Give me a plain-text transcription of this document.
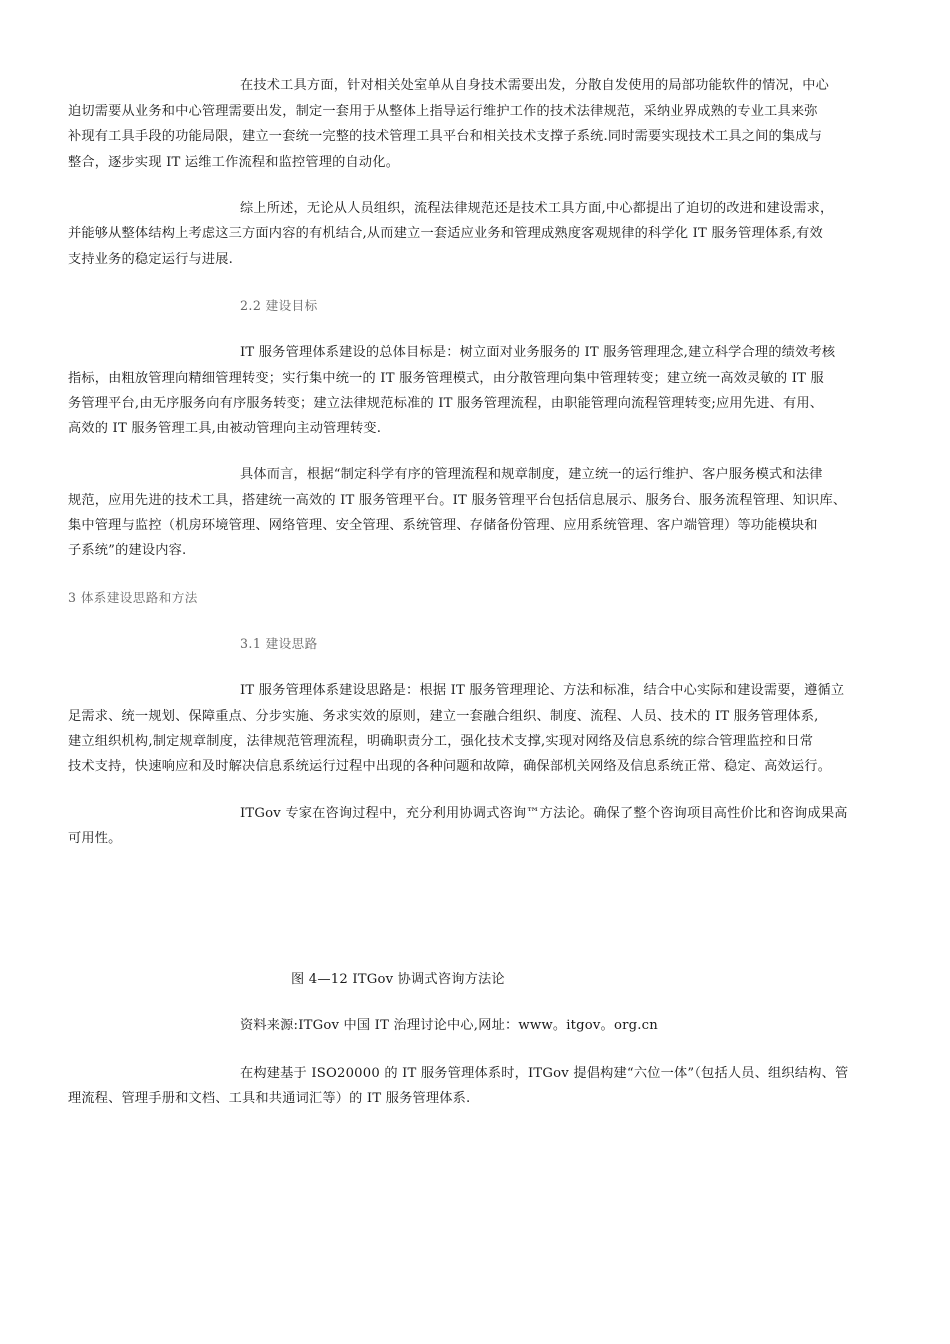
在技术工具方面，针对相关处室单从自身技术需要出发，分散自发使用的局部功能软件的情况，中心
迫切需要从业务和中心管理需要出发，制定一套用于从整体上指导运行维护工作的技术法律规范，采纳业界成熟的专业工具来弥
补现有工具手段的功能局限，建立一套统一完整的技术管理工具平台和相关技术支撑子系统.同时需要实现技术工具之间的集成与
整合，逐步实现 IT 运维工作流程和监控管理的自动化。
综上所述，无论从人员组织，流程法律规范还是技术工具方面,中心都提出了迫切的改进和建设需求，
并能够从整体结构上考虑这三方面内容的有机结合,从而建立一套适应业务和管理成熟度客观规律的科学化 IT 服务管理体系,有效
支持业务的稳定运行与进展.
2.2 建设目标
IT 服务管理体系建设的总体目标是：树立面对业务服务的 IT 服务管理理念,建立科学合理的绩效考核
指标，由粗放管理向精细管理转变；实行集中统一的 IT 服务管理模式，由分散管理向集中管理转变；建立统一高效灵敏的 IT 服
务管理平台,由无序服务向有序服务转变；建立法律规范标准的 IT 服务管理流程，由职能管理向流程管理转变;应用先进、有用、
高效的 IT 服务管理工具,由被动管理向主动管理转变.
具体而言，根据“制定科学有序的管理流程和规章制度，建立统一的运行维护、客户服务模式和法律
规范，应用先进的技术工具，搭建统一高效的 IT 服务管理平台。IT 服务管理平台包括信息展示、服务台、服务流程管理、知识库、
集中管理与监控（机房环境管理、网络管理、安全管理、系统管理、存储备份管理、应用系统管理、客户端管理）等功能模块和
子系统”的建设内容.
3 体系建设思路和方法
3.1 建设思路
IT 服务管理体系建设思路是：根据 IT 服务管理理论、方法和标准，结合中心实际和建设需要，遵循立
足需求、统一规划、保障重点、分步实施、务求实效的原则，建立一套融合组织、制度、流程、人员、技术的 IT 服务管理体系,
建立组织机构,制定规章制度，法律规范管理流程，明确职责分工，强化技术支撑,实现对网络及信息系统的综合管理监控和日常
技术支持，快速响应和及时解决信息系统运行过程中出现的各种问题和故障，确保部机关网络及信息系统正常、稳定、高效运行。
ITGov 专家在咨询过程中，充分利用协调式咨询™方法论。确保了整个咨询项目高性价比和咨询成果高
可用性。
图 4—12 ITGov 协调式咨询方法论
资料来源:ITGov 中国 IT 治理讨论中心,网址：www。itgov。org.cn
在构建基于 ISO20000 的 IT 服务管理体系时，ITGov 提倡构建“六位一体”（包括人员、组织结构、管
理流程、管理手册和文档、工具和共通词汇等）的 IT 服务管理体系.
